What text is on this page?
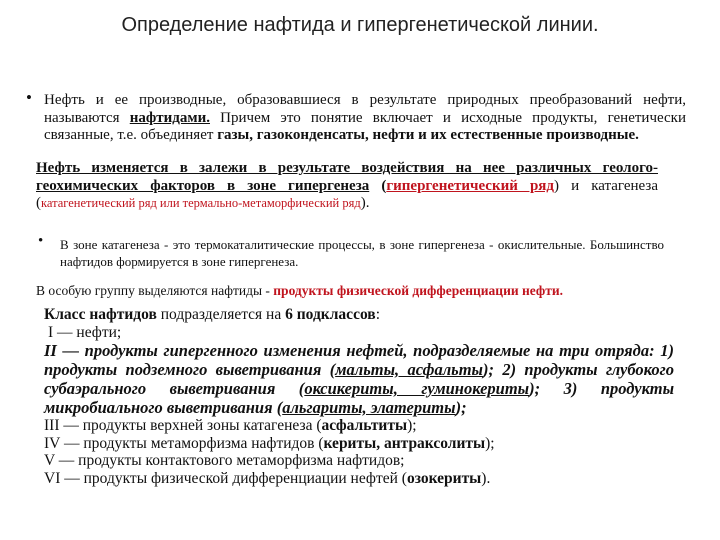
Определение нафтида и гипергенетической линии.
• Нефть и ее производные, образовавшиеся в результате природных преобразований нефти, называются нафтидами. Причем это понятие включает и исходные продукты, генетически связанные, т.е. объединяет газы, газоконденсаты, нефти и их естественные производные.
Нефть изменяется в залежи в результате воздействия на нее различных геолого-геохимических факторов в зоне гипергенеза (гипергенетический ряд) и катагенеза (катагенетический ряд или термально-метаморфический ряд).
• В зоне катагенеза - это термокаталитические процессы, в зоне гипергенеза - окислительные. Большинство нафтидов формируется в зоне гипергенеза.
В особую группу выделяются нафтиды - продукты физической дифференциации нефти.
Класс нафтидов подразделяется на 6 подклассов:
I — нефти;
II — продукты гипергенного изменения нефтей, подразделяемые на три отряда: 1) продукты подземного выветривания (мальты, асфальты); 2) продукты глубокого субаэрального выветривания (оксикериты, гуминокериты); 3) продукты микробиального выветривания (альгариты, элатериты);
III — продукты верхней зоны катагенеза (асфальтиты);
IV — продукты метаморфизма нафтидов (кериты, антраксолиты);
V — продукты контактового метаморфизма нафтидов;
VI — продукты физической дифференциации нефтей (озокериты).
